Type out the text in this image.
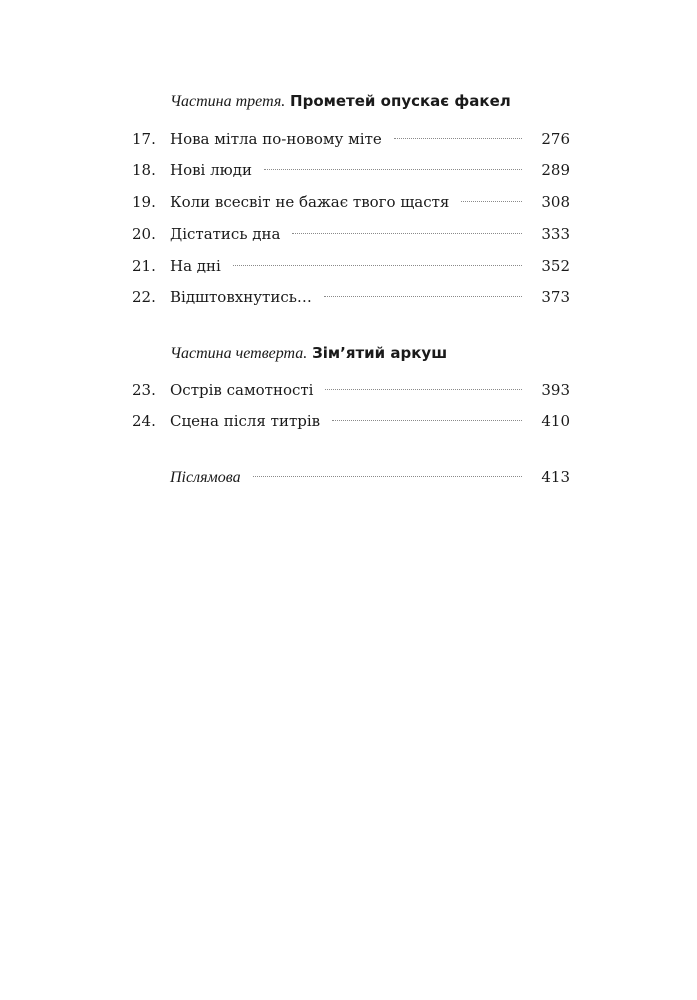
Частина третя. Прометей опускає факел
17. Нова мітла по-новому міте	276
18. Нові люди	289
19. Коли всесвіт не бажає твого щастя	308
20. Дістатись дна	333
21. На дні	352
22. Відштовхнутись…	373
Частина четверта. Зім’ятий аркуш
23. Острів самотності	393
24. Сцена після титрів	410
Післямова	413
